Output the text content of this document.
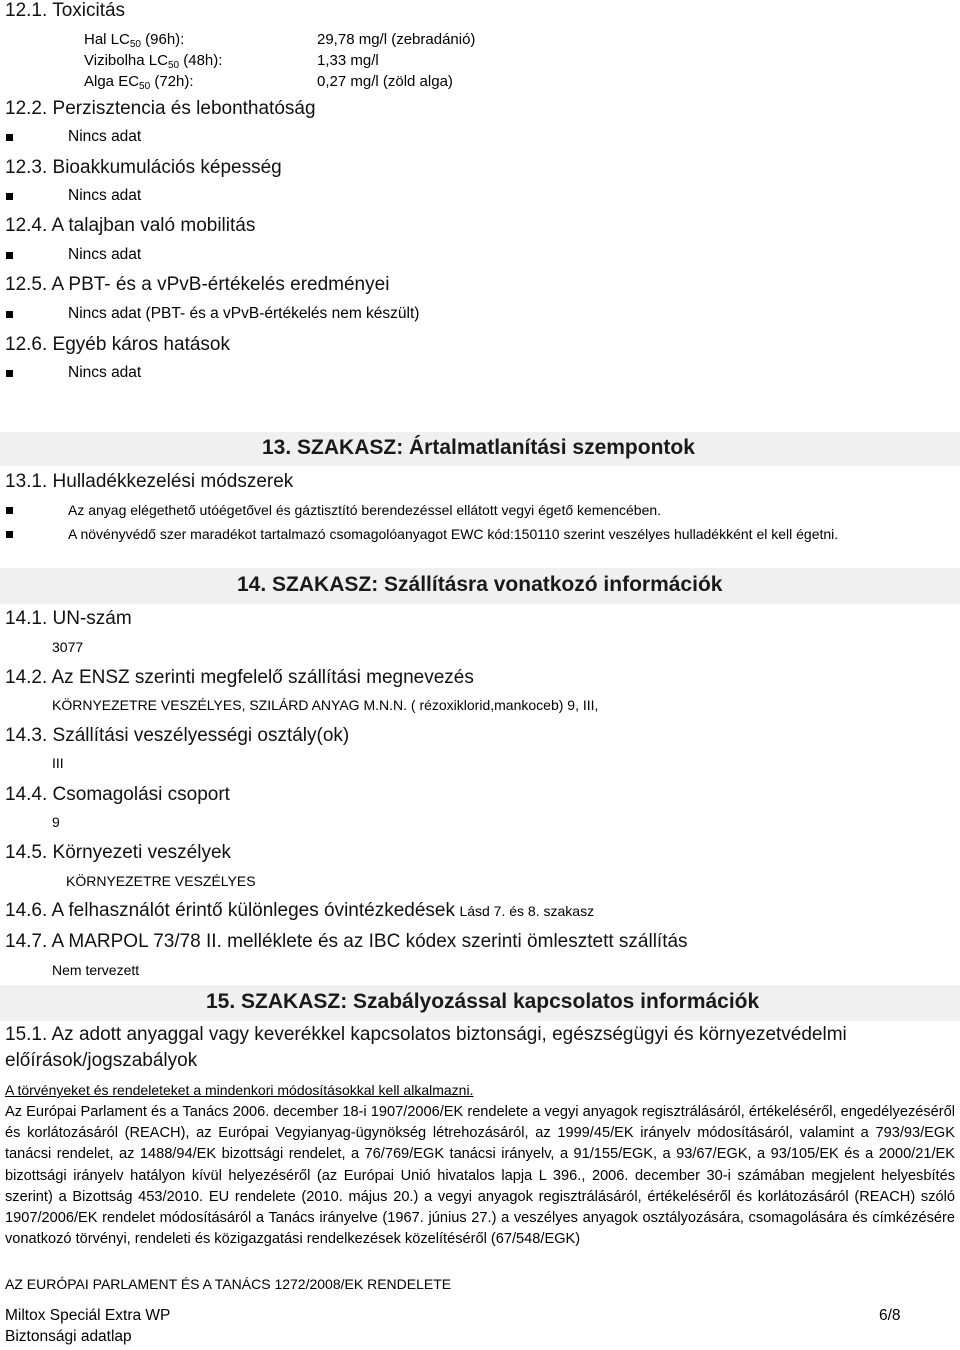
12.1. Toxicitás
Hal $LC_{50}$ (96h):
Vizibolha $LC_{50}$ (48h):
Alga $EC_{50}$ (72h):
29,78 mg/l (zebradánió)
1,33 mg/l
0,27 mg/l (zöld alga)
12.2. Perzisztencia és lebonthatóság
Nincs adat
12.3. Bioakkumulációs képesség
Nincs adat
12.4. A talajban való mobilitás
Nincs adat
12.5. A PBT- és a vPvB-értékelés eredményei
Nincs adat (PBT- és a vPvB-értékelés nem készült)
12.6. Egyéb káros hatások
Nincs adat
13. SZAKASZ: Ártalmatlanítási szempontok
13.1. Hulladékkezelési módszerek
Az anyag elégethető utóégetővel és gáztisztító berendezéssel ellátott vegyi égető kemencében.
A növényvédő szer maradékot tartalmazó csomagolóanyagot EWC kód:150110 szerint veszélyes hulladékként el kell égetni.
14. SZAKASZ: Szállításra vonatkozó információk
14.1. UN-szám
3077
14.2. Az ENSZ szerinti megfelelő szállítási megnevezés
KÖRNYEZETRE VESZÉLYES, SZILÁRD ANYAG M.N.N. ( rézoxiklorid,mankoceb) 9, III,
14.3. Szállítási veszélyességi osztály(ok)
III
14.4. Csomagolási csoport
9
14.5. Környezeti veszélyek
KÖRNYEZETRE VESZÉLYES
14.6. A felhasználót érintő különleges óvintézkedések Lásd 7. és 8. szakasz
14.7. A MARPOL 73/78 II. melléklete és az IBC kódex szerinti ömlesztett szállítás
Nem tervezett
15. SZAKASZ: Szabályozással kapcsolatos információk
15.1. Az adott anyaggal vagy keverékkel kapcsolatos biztonsági, egészségügyi és környezetvédelmi
előírások/jogszabályok
A törvényeket és rendeleteket a mindenkori módosításokkal kell alkalmazni.
Az Európai Parlament és a Tanács 2006. december 18-i 1907/2006/EK rendelete a vegyi anyagok regisztrálásáról, értékeléséről, engedélyezéséről és korlátozásáról (REACH), az Európai Vegyianyag-ügynökség létrehozásáról, az 1999/45/EK irányelv módosításáról, valamint a 793/93/EGK tanácsi rendelet, az 1488/94/EK bizottsági rendelet, a 76/769/EGK tanácsi irányelv, a 91/155/EGK, a 93/67/EGK, a 93/105/EK és a 2000/21/EK bizottsági irányelv hatályon kívül helyezéséről (az Európai Unió hivatalos lapja L 396., 2006. december 30-i számában megjelent helyesbítés szerint) a Bizottság 453/2010. EU rendelete (2010. május 20.) a vegyi anyagok regisztrálásáról, értékeléséről és korlátozásáról (REACH) szóló 1907/2006/EK rendelet módosításáról a Tanács irányelve (1967. június 27.) a veszélyes anyagok osztályozására, csomagolására és címkézésére vonatkozó törvényi, rendeleti és közigazgatási rendelkezések közelítéséről (67/548/EGK)
AZ EURÓPAI PARLAMENT ÉS A TANÁCS 1272/2008/EK RENDELETE
Miltox Speciál Extra WP
Biztonsági adatlap
6/8
